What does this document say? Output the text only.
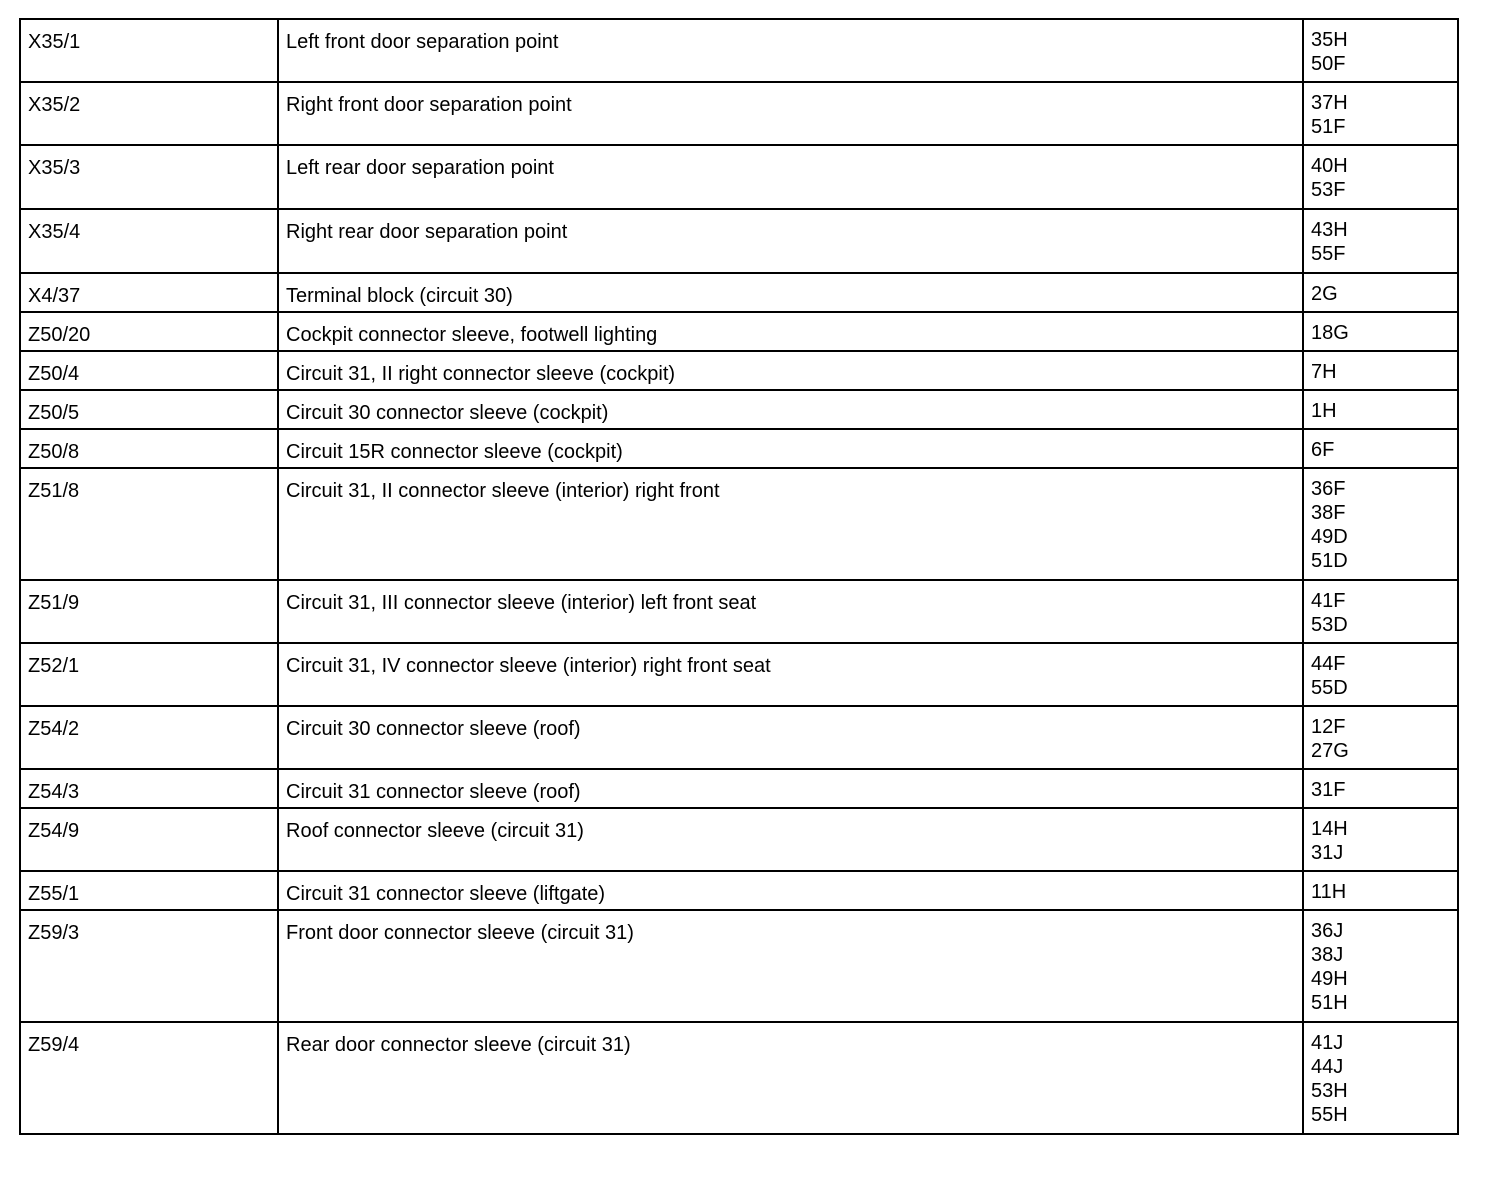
X35/1	Left front door separation point	35H
50F

X35/2	Right front door separation point	37H
51F

X35/3	Left rear door separation point	40H
53F

X35/4	Right rear door separation point	43H
55F

X4/37	Terminal block (circuit 30)	2G

Z50/20	Cockpit connector sleeve, footwell lighting	18G

Z50/4	Circuit 31, II right connector sleeve (cockpit)	7H

Z50/5	Circuit 30 connector sleeve (cockpit)	1H

Z50/8	Circuit 15R connector sleeve (cockpit)	6F

Z51/8	Circuit 31, II connector sleeve (interior) right front	36F
38F
49D
51D

Z51/9	Circuit 31, III connector sleeve (interior) left front seat	41F
53D

Z52/1	Circuit 31, IV connector sleeve (interior) right front seat	44F
55D

Z54/2	Circuit 30 connector sleeve (roof)	12F
27G

Z54/3	Circuit 31 connector sleeve (roof)	31F

Z54/9	Roof connector sleeve (circuit 31)	14H
31J

Z55/1	Circuit 31 connector sleeve (liftgate)	11H

Z59/3	Front door connector sleeve (circuit 31)	36J
38J
49H
51H

Z59/4	Rear door connector sleeve (circuit 31)	41J
44J
53H
55H
